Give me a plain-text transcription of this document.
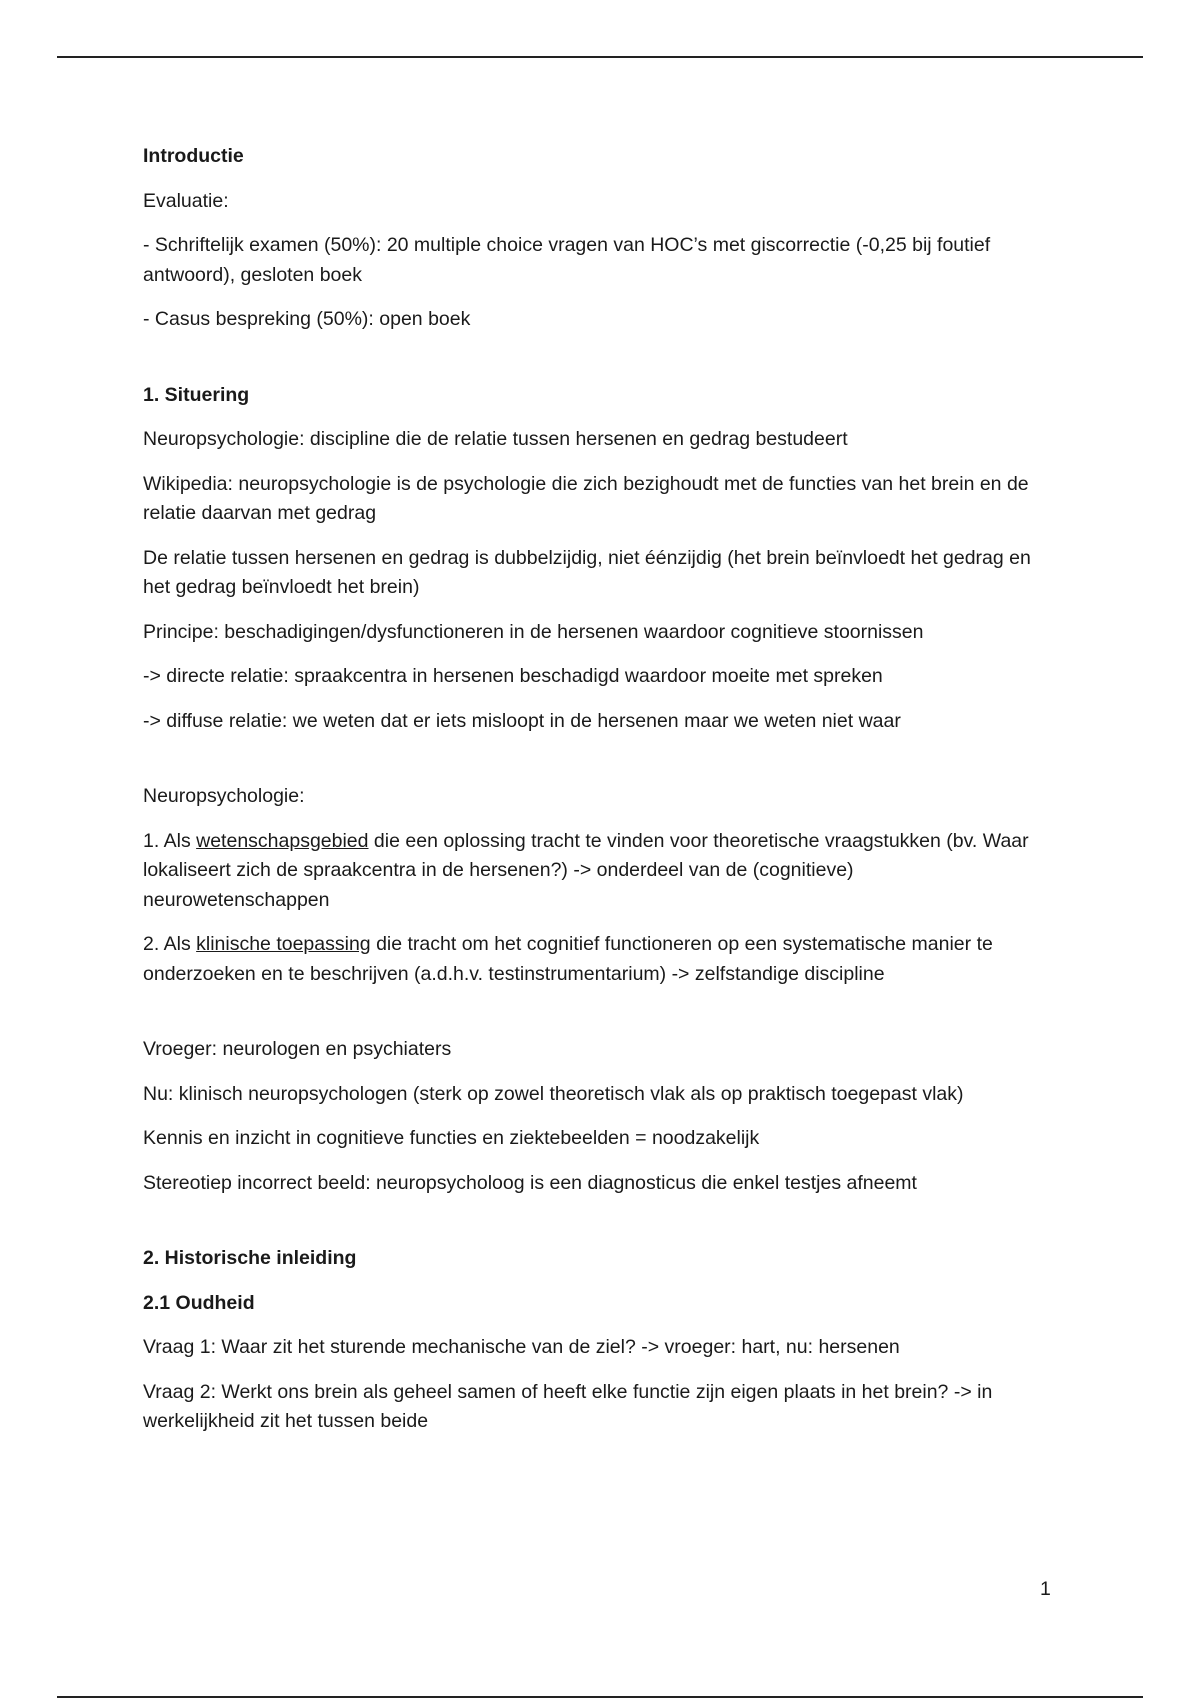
Introductie

Evaluatie:

- Schriftelijk examen (50%): 20 multiple choice vragen van HOC’s met giscorrectie (-0,25 bij foutief antwoord), gesloten boek

- Casus bespreking (50%): open boek

1. Situering

Neuropsychologie: discipline die de relatie tussen hersenen en gedrag bestudeert

Wikipedia: neuropsychologie is de psychologie die zich bezighoudt met de functies van het brein en de relatie daarvan met gedrag

De relatie tussen hersenen en gedrag is dubbelzijdig, niet éénzijdig (het brein beïnvloedt het gedrag en het gedrag beïnvloedt het brein)

Principe: beschadigingen/dysfunctioneren in de hersenen waardoor cognitieve stoornissen

-> directe relatie: spraakcentra in hersenen beschadigd waardoor moeite met spreken

-> diffuse relatie: we weten dat er iets misloopt in de hersenen maar we weten niet waar

Neuropsychologie:

1. Als wetenschapsgebied die een oplossing tracht te vinden voor theoretische vraagstukken (bv. Waar lokaliseert zich de spraakcentra in de hersenen?) -> onderdeel van de (cognitieve) neurowetenschappen

2. Als klinische toepassing die tracht om het cognitief functioneren op een systematische manier te onderzoeken en te beschrijven (a.d.h.v. testinstrumentarium) -> zelfstandige discipline

Vroeger: neurologen en psychiaters

Nu: klinisch neuropsychologen (sterk op zowel theoretisch vlak als op praktisch toegepast vlak)

Kennis en inzicht in cognitieve functies en ziektebeelden = noodzakelijk

Stereotiep incorrect beeld: neuropsycholoog is een diagnosticus die enkel testjes afneemt

2. Historische inleiding

2.1 Oudheid

Vraag 1: Waar zit het sturende mechanische van de ziel? -> vroeger: hart, nu: hersenen

Vraag 2: Werkt ons brein als geheel samen of heeft elke functie zijn eigen plaats in het brein? -> in werkelijkheid zit het tussen beide

1
